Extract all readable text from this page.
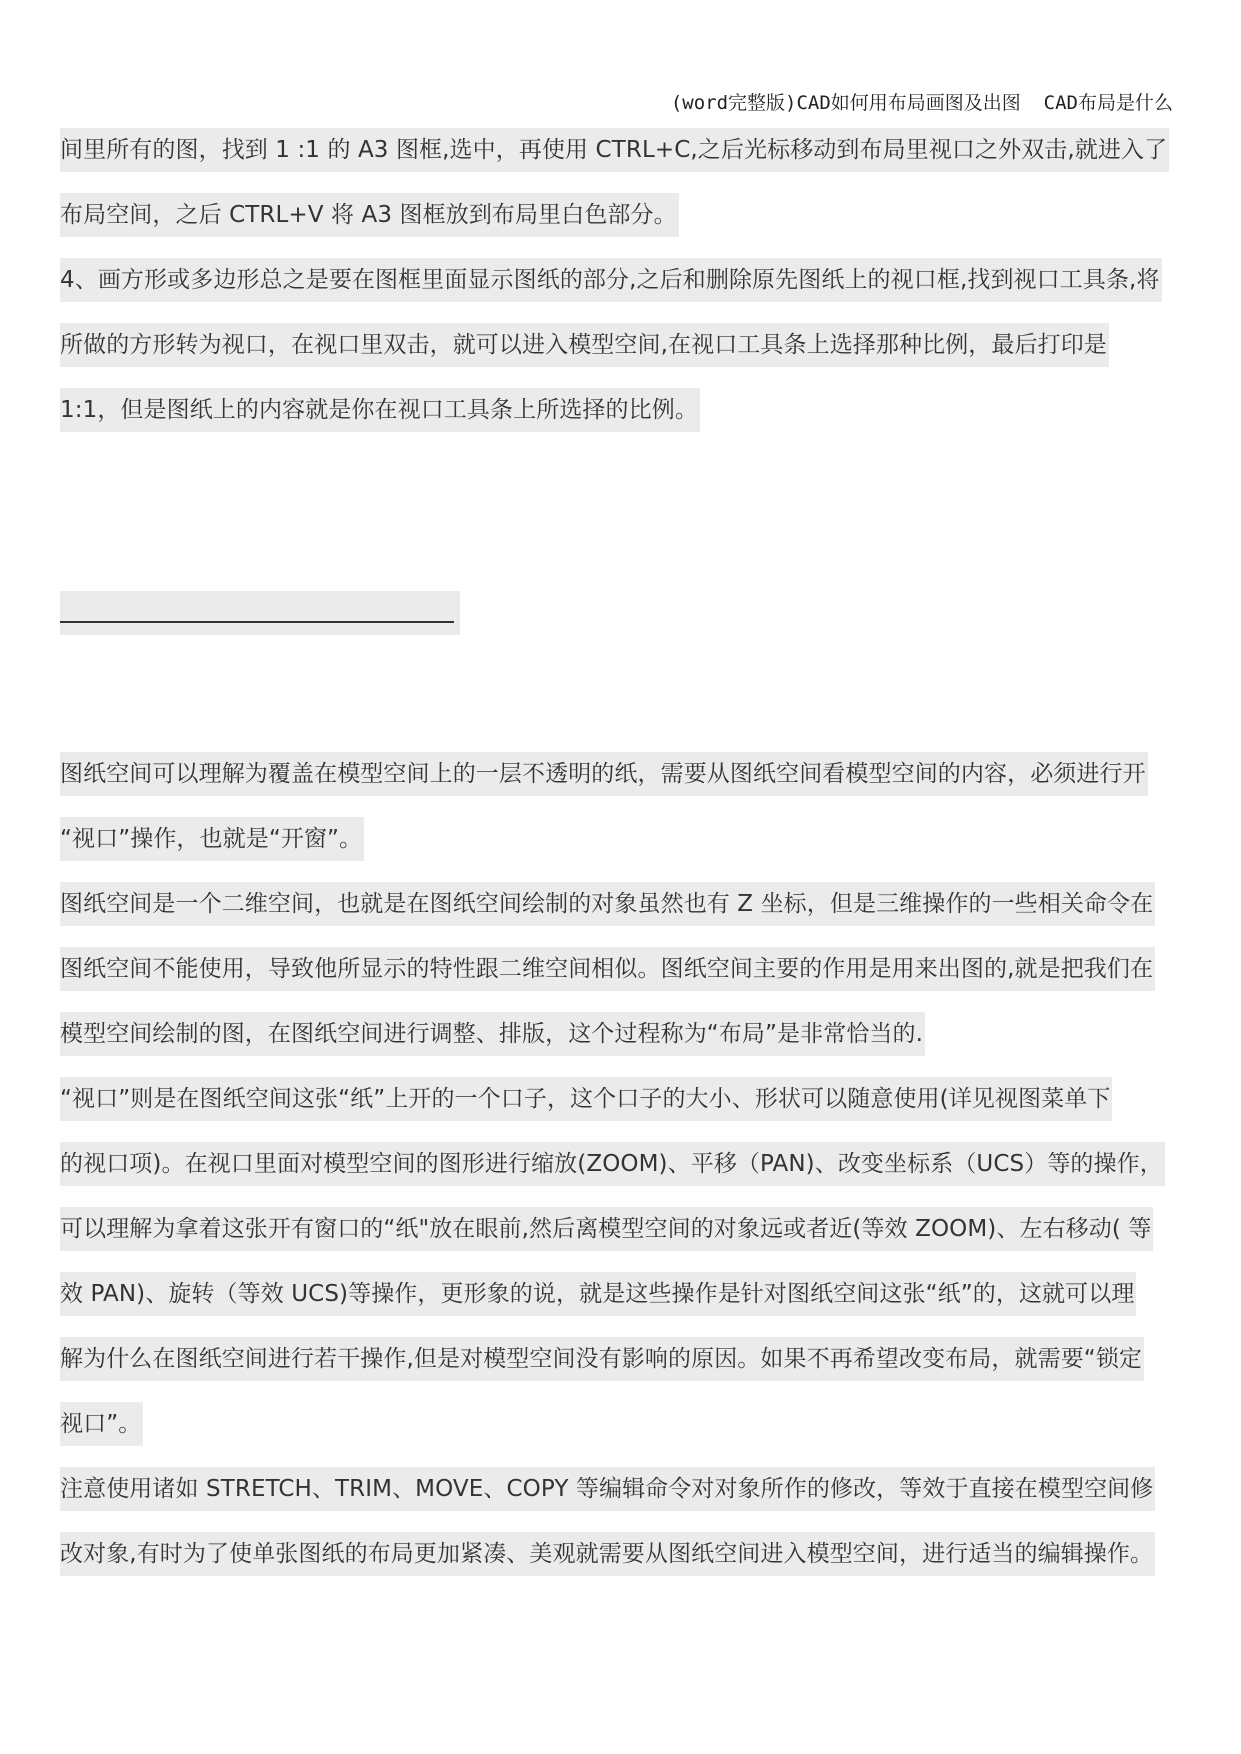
(word完整版)CAD如何用布局画图及出图  CAD布局是什么
间里所有的图，找到 1 :1 的 A3 图框,选中，再使用 CTRL+C,之后光标移动到布局里视口之外双击,就进入了
布局空间，之后 CTRL+V 将 A3 图框放到布局里白色部分。
4、画方形或多边形总之是要在图框里面显示图纸的部分,之后和删除原先图纸上的视口框,找到视口工具条,将
所做的方形转为视口，在视口里双击，就可以进入模型空间,在视口工具条上选择那种比例，最后打印是
1:1，但是图纸上的内容就是你在视口工具条上所选择的比例。
图纸空间可以理解为覆盖在模型空间上的一层不透明的纸，需要从图纸空间看模型空间的内容，必须进行开
“视口”操作，也就是“开窗”。
图纸空间是一个二维空间，也就是在图纸空间绘制的对象虽然也有 Z 坐标，但是三维操作的一些相关命令在
图纸空间不能使用，导致他所显示的特性跟二维空间相似。图纸空间主要的作用是用来出图的,就是把我们在
模型空间绘制的图，在图纸空间进行调整、排版，这个过程称为“布局”是非常恰当的.
“视口”则是在图纸空间这张“纸”上开的一个口子，这个口子的大小、形状可以随意使用(详见视图菜单下
的视口项)。在视口里面对模型空间的图形进行缩放(ZOOM)、平移（PAN)、改变坐标系（UCS）等的操作，
可以理解为拿着这张开有窗口的“纸"放在眼前,然后离模型空间的对象远或者近(等效 ZOOM)、左右移动( 等
效 PAN)、旋转（等效 UCS)等操作，更形象的说，就是这些操作是针对图纸空间这张“纸”的，这就可以理
解为什么在图纸空间进行若干操作,但是对模型空间没有影响的原因。如果不再希望改变布局，就需要“锁定
视口”。
注意使用诸如 STRETCH、TRIM、MOVE、COPY 等编辑命令对对象所作的修改，等效于直接在模型空间修
改对象,有时为了使单张图纸的布局更加紧凑、美观就需要从图纸空间进入模型空间，进行适当的编辑操作。
